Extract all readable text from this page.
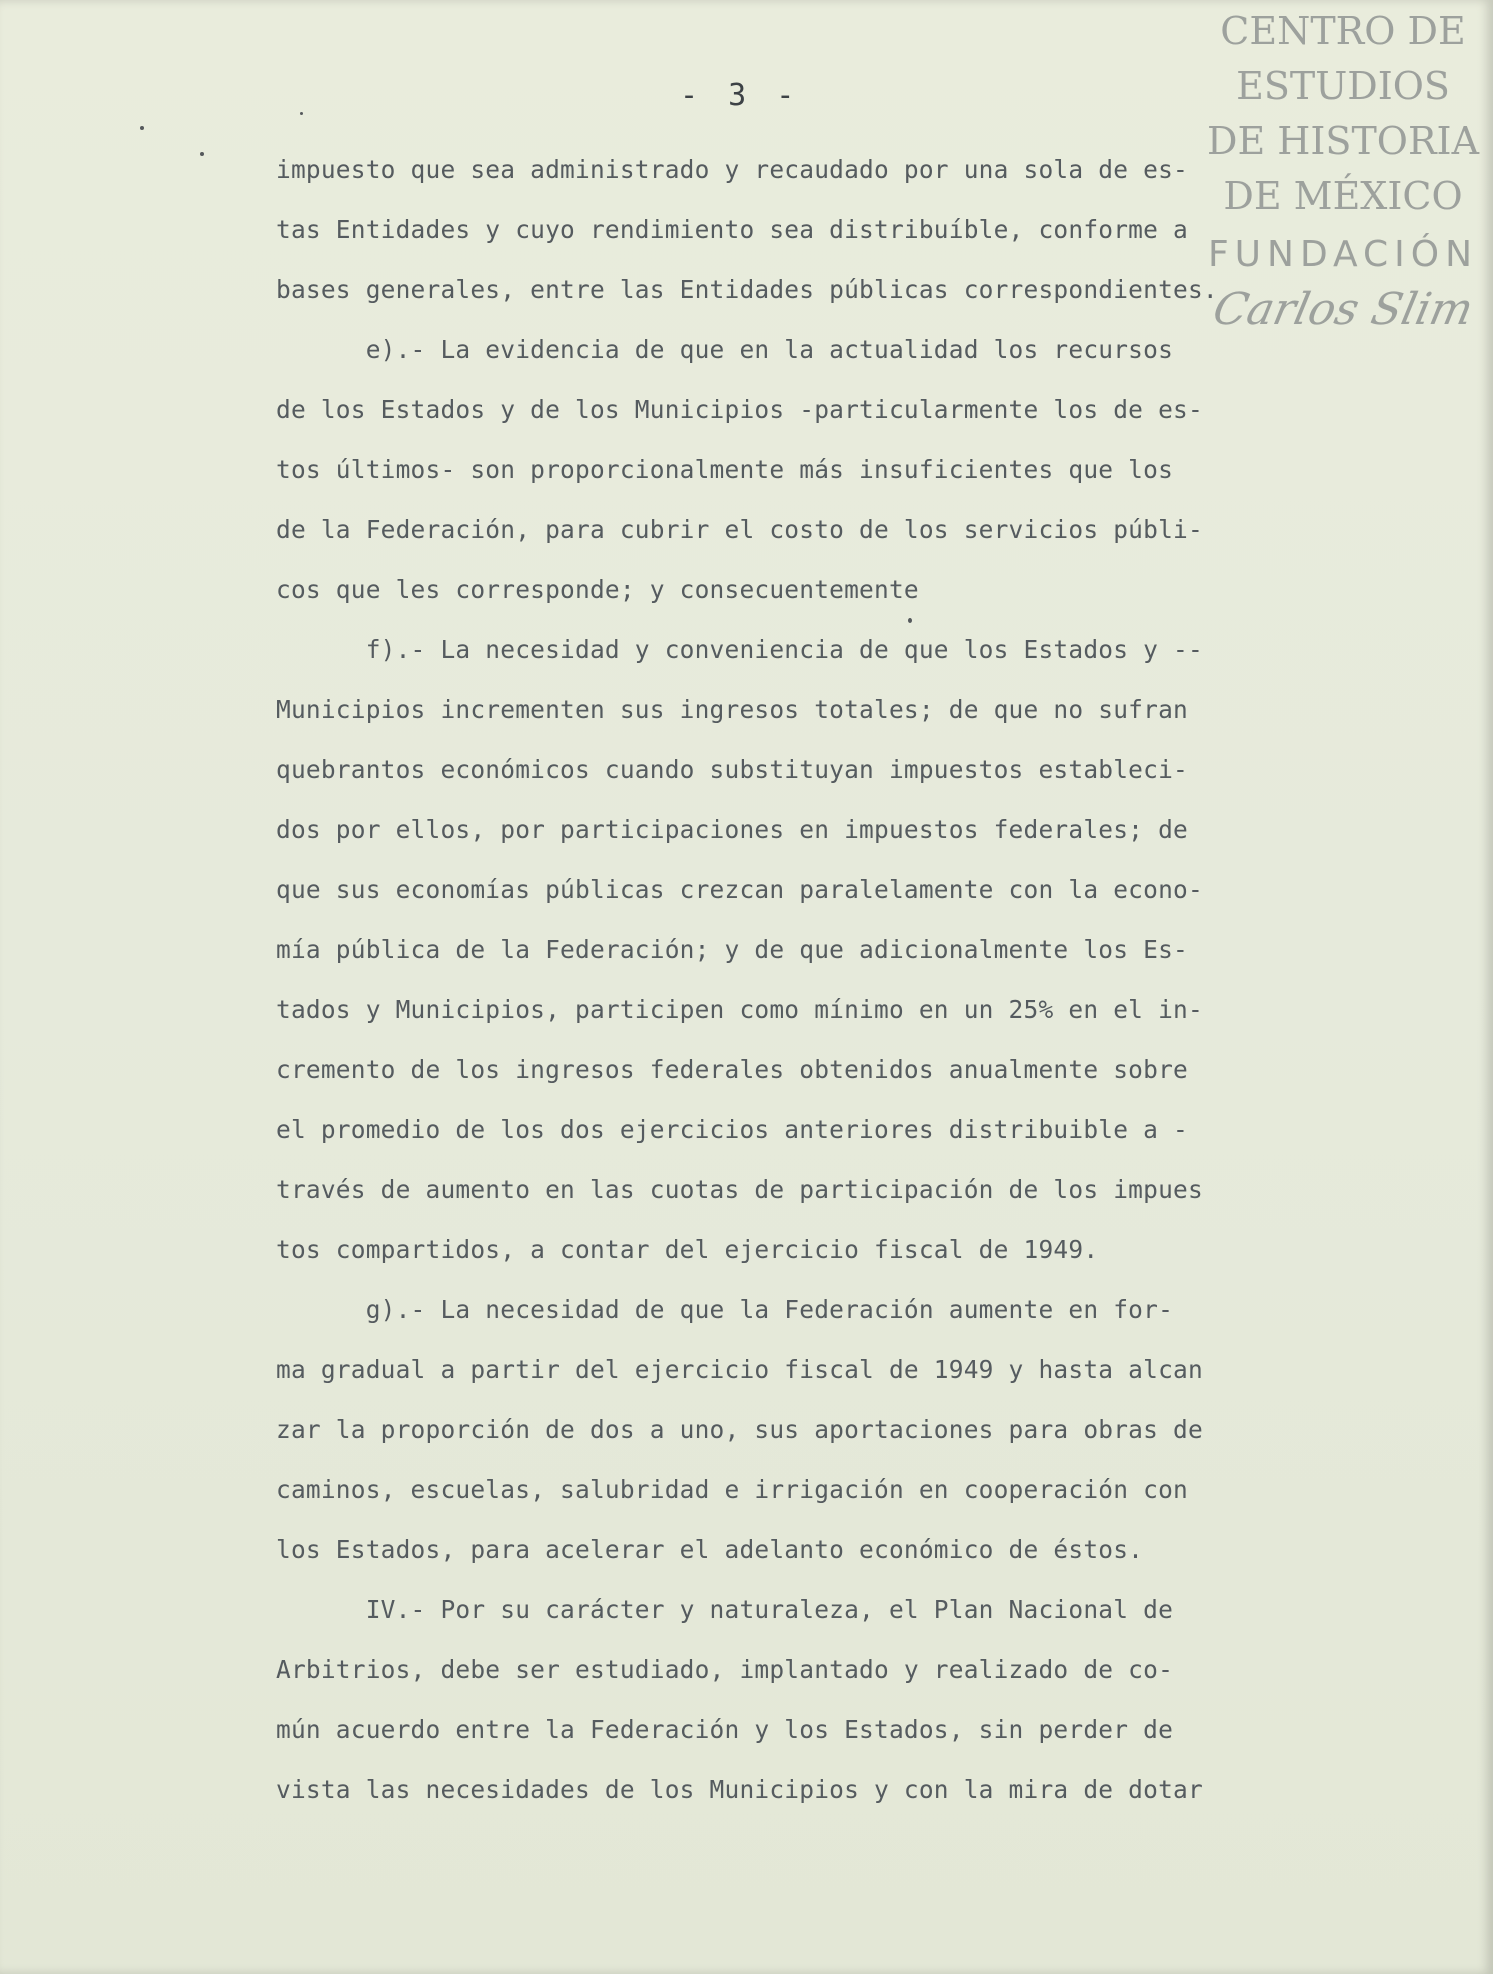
CENTRO DE
ESTUDIOS
DE HISTORIA
DE MÉXICO
FUNDACIÓN
Carlos Slim
- 3 -
impuesto que sea administrado y recaudado por una sola de es-
tas Entidades y cuyo rendimiento sea distribuíble, conforme a
bases generales, entre las Entidades públicas correspondientes.
e).- La evidencia de que en la actualidad los recursos
de los Estados y de los Municipios -particularmente los de es-
tos últimos- son proporcionalmente más insuficientes que los
de la Federación, para cubrir el costo de los servicios públi-
cos que les corresponde; y consecuentemente
f).- La necesidad y conveniencia de que los Estados y --
Municipios incrementen sus ingresos totales; de que no sufran
quebrantos económicos cuando substituyan impuestos estableci-
dos por ellos, por participaciones en impuestos federales; de
que sus economías públicas crezcan paralelamente con la econo-
mía pública de la Federación; y de que adicionalmente los Es-
tados y Municipios, participen como mínimo en un 25% en el in-
cremento de los ingresos federales obtenidos anualmente sobre
el promedio de los dos ejercicios anteriores distribuible a -
través de aumento en las cuotas de participación de los impues
tos compartidos, a contar del ejercicio fiscal de 1949.
g).- La necesidad de que la Federación aumente en for-
ma gradual a partir del ejercicio fiscal de 1949 y hasta alcan
zar la proporción de dos a uno, sus aportaciones para obras de
caminos, escuelas, salubridad e irrigación en cooperación con
los Estados, para acelerar el adelanto económico de éstos.
IV.- Por su carácter y naturaleza, el Plan Nacional de
Arbitrios, debe ser estudiado, implantado y realizado de co-
mún acuerdo entre la Federación y los Estados, sin perder de
vista las necesidades de los Municipios y con la mira de dotar
